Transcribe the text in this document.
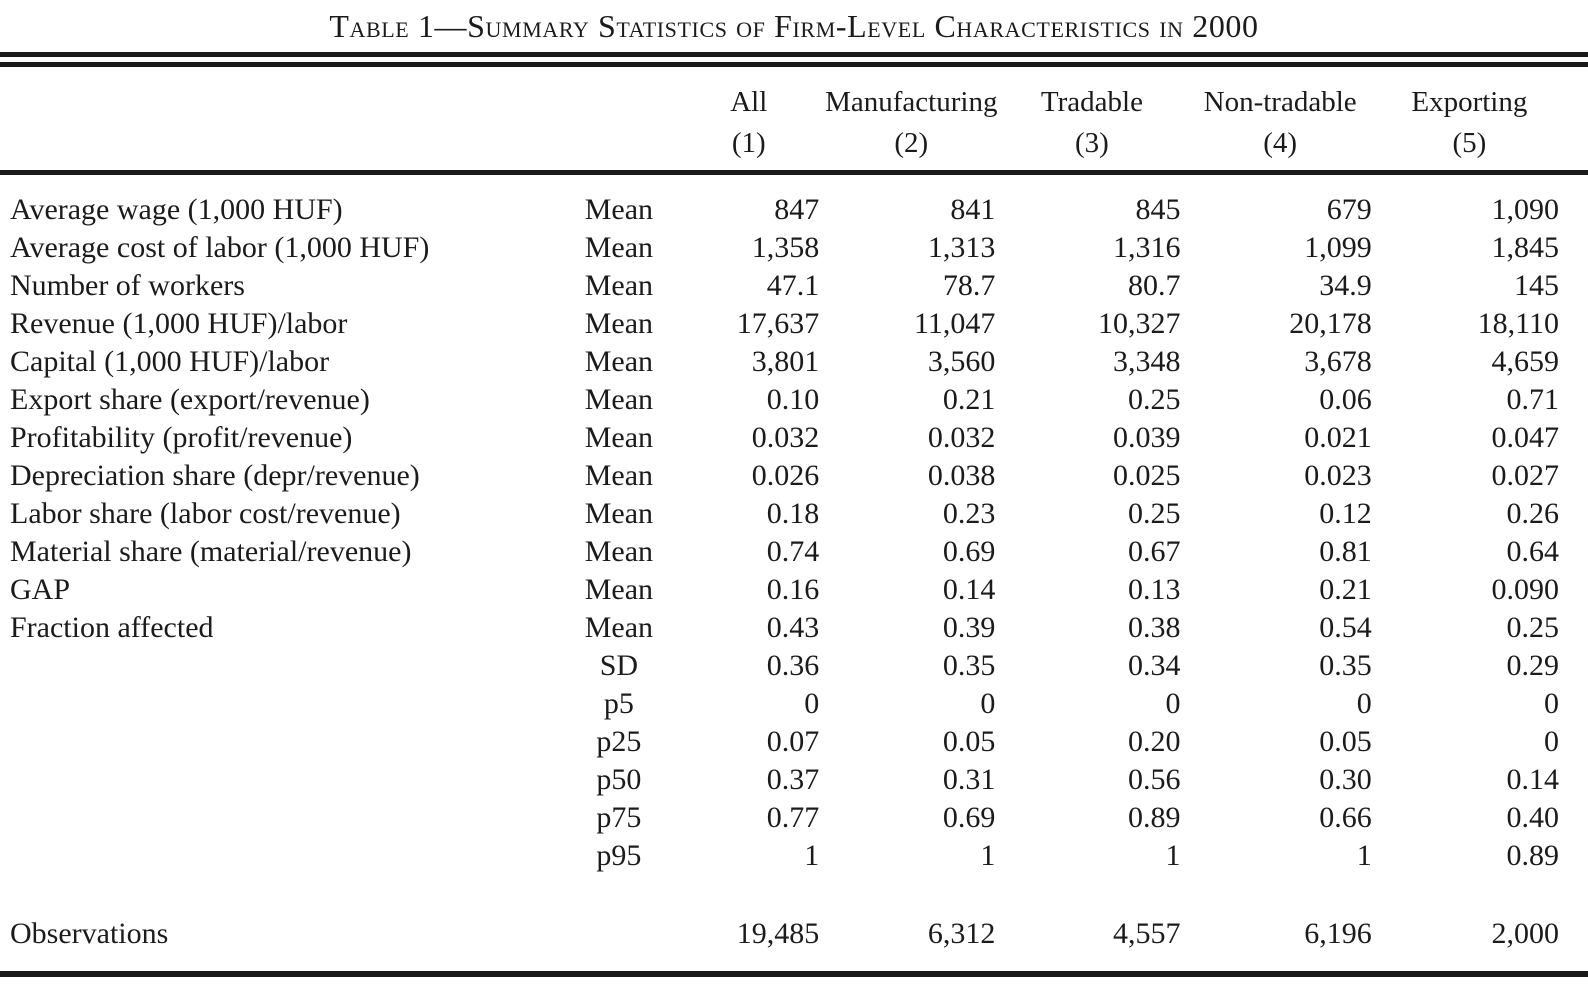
Table 1—Summary Statistics of Firm-Level Characteristics in 2000
		All	Manufacturing	Tradable	Non-tradable	Exporting
		(1)	(2)	(3)	(4)	(5)

Average wage (1,000 HUF)	Mean	847	841	845	679	1,090
Average cost of labor (1,000 HUF)	Mean	1,358	1,313	1,316	1,099	1,845
Number of workers	Mean	47.1	78.7	80.7	34.9	145
Revenue (1,000 HUF)/labor	Mean	17,637	11,047	10,327	20,178	18,110
Capital (1,000 HUF)/labor	Mean	3,801	3,560	3,348	3,678	4,659
Export share (export/revenue)	Mean	0.10	0.21	0.25	0.06	0.71
Profitability (profit/revenue)	Mean	0.032	0.032	0.039	0.021	0.047
Depreciation share (depr/revenue)	Mean	0.026	0.038	0.025	0.023	0.027
Labor share (labor cost/revenue)	Mean	0.18	0.23	0.25	0.12	0.26
Material share (material/revenue)	Mean	0.74	0.69	0.67	0.81	0.64
GAP	Mean	0.16	0.14	0.13	0.21	0.090
Fraction affected	Mean	0.43	0.39	0.38	0.54	0.25
	SD	0.36	0.35	0.34	0.35	0.29
	p5	0	0	0	0	0
	p25	0.07	0.05	0.20	0.05	0
	p50	0.37	0.31	0.56	0.30	0.14
	p75	0.77	0.69	0.89	0.66	0.40
	p95	1	1	1	1	0.89

Observations		19,485	6,312	4,557	6,196	2,000
